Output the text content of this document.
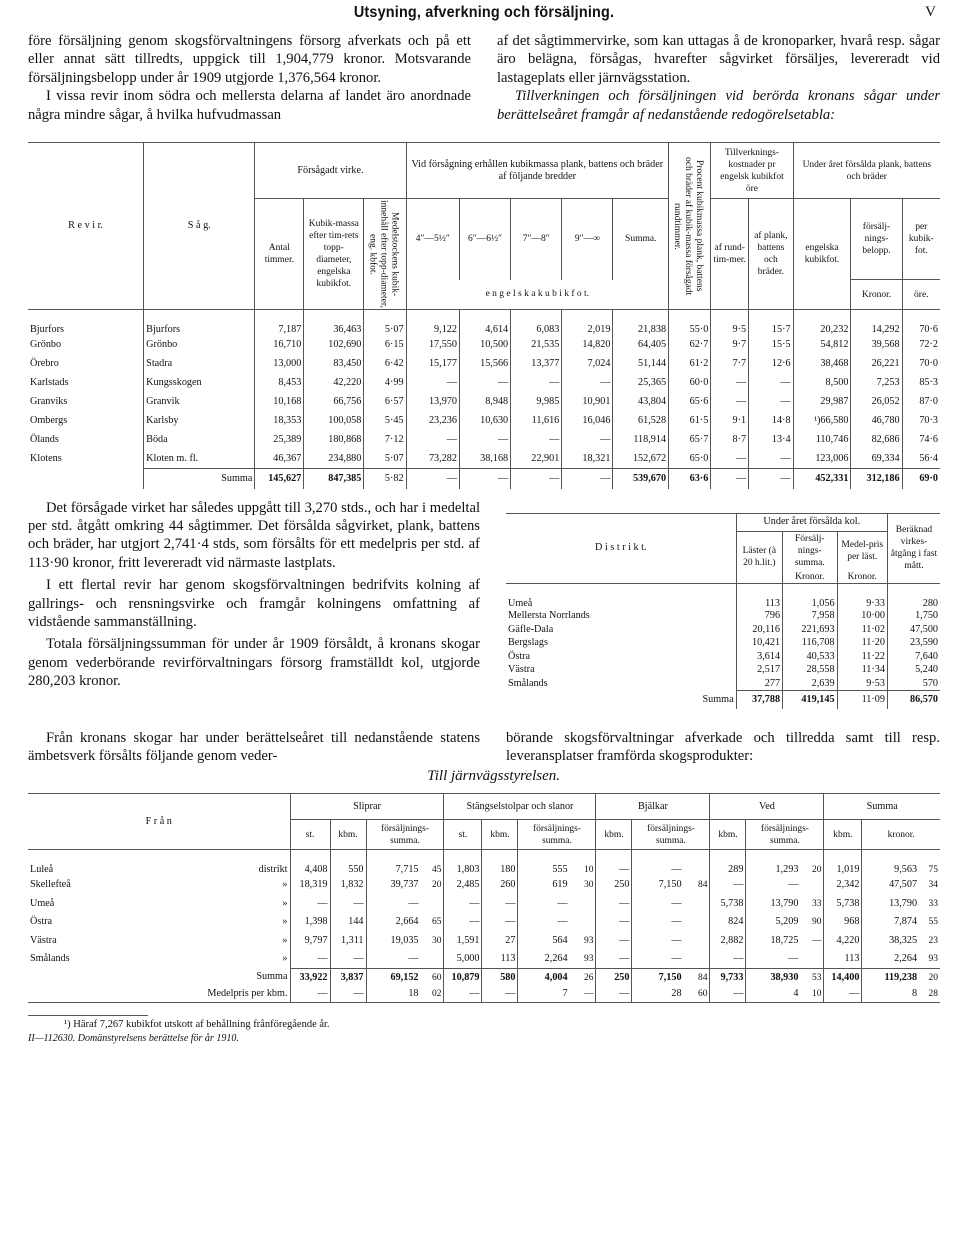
Utsyning, afverkning och försäljning.	V

före försäljning genom skogsförvaltningens försorg afverkats och på ett eller annat sätt tillredts, uppgick till 1,904,779 kronor. Motsvarande försäljningsbelopp under år 1909 utgjorde 1,376,564 kronor.

I vissa revir inom södra och mellersta delarna af landet äro anordnade några mindre sågar, å hvilka hufvudmassan

af det sågtimmervirke, som kan uttagas å de kronoparker, hvarå resp. sågar äro belägna, försågas, hvarefter sågvirket försäljes, levereradt vid lastageplats eller järnvägsstation.

Tillverkningen och försäljningen vid berörda kronans sågar under berättelseåret framgår af nedanstående redogörelsetabla:

R e v i r.	S å g.	Försågadt virke.			Vid försågning erhållen kubikmassa plank, battens och bräder af följande bredder					Procent kubikmassa plank, battens och bräder af kubik-massa försågadt rundtimmer.	Tillverknings-kostnader pr engelsk kubikfot
öre		Under året försålda plank, battens och bräder		
		Antal timmer.	Kubik-massa efter tim-rets topp-diameter, engelska kubikfot.	Medelstockens kubik-innehåll efter topp-diameter, eng. kbfot.	4″—5½″	6″—6½″	7″—8″	9″—∞	Summa.		af rund-tim-mer.	af plank, battens och bräder.	engelska kubikfot.	försälj-nings-belopp.	per kubik-fot.
					e n g e l s k a k u b i k f o t.									Kronor.	öre.
Bjurfors	Bjurfors	7,187	36,463	5·07	9,122	4,614	6,083	2,019	21,838	55·0	9·5	15·7	20,232	14,292	70·6
Grönbo	Grönbo	16,710	102,690	6·15	17,550	10,500	21,535	14,820	64,405	62·7	9·7	15·5	54,812	39,568	72·2
Örebro	Stadra	13,000	83,450	6·42	15,177	15,566	13,377	7,024	51,144	61·2	7·7	12·6	38,468	26,221	70·0
Karlstads	Kungsskogen	8,453	42,220	4·99	—	—	—	—	25,365	60·0	—	—	8,500	7,253	85·3
Granviks	Granvik	10,168	66,756	6·57	13,970	8,948	9,985	10,901	43,804	65·6	—	—	29,987	26,052	87·0
Ombergs	Karlsby	18,353	100,058	5·45	23,236	10,630	11,616	16,046	61,528	61·5	9·1	14·8	¹)66,580	46,780	70·3
Ölands	Böda	25,389	180,868	7·12	—	—	—	—	118,914	65·7	8·7	13·4	110,746	82,686	74·6
Klotens	Kloten m. fl.	46,367	234,880	5·07	73,282	38,168	22,901	18,321	152,672	65·0	—	—	123,006	69,334	56·4
	Summa	145,627	847,385	5·82	—	—	—	—	539,670	63·6	—	—	452,331	312,186	69·0

Det försågade virket har således uppgått till 3,270 stds., och har i medeltal per std. åtgått omkring 44 sågtimmer. Det försålda sågvirket, plank, battens och bräder, har utgjort 2,741·4 stds, som försålts för ett medelpris per std. af 113·90 kronor, fritt levereradt vid närmaste lastplats.

I ett flertal revir har genom skogsförvaltningen bedrifvits kolning af gallrings- och rensningsvirke och framgår kolningens omfattning af vidstående sammanställning.

Totala försäljningssumman för under år 1909 försåldt, å kronans skogar genom vederbörande revirförvaltningars försorg framställdt kol, utgjorde 280,203 kronor.

D i s t r i k t.	Under året försålda kol.			Beräknad virkes-åtgång i fast mått.
	Läster (à 20 h.lit.)	Försälj-nings-summa.	Medel-pris per läst.	
		Kronor.	Kronor.	
Umeå	113	1,056	9·33	280
Mellersta Norrlands	796	7,958	10·00	1,750
Gäfle-Dala	20,116	221,693	11·02	47,500
Bergslags	10,421	116,708	11·20	23,590
Östra	3,614	40,533	11·22	7,640
Västra	2,517	28,558	11·34	5,240
Smålands	277	2,639	9·53	570
Summa	37,788	419,145	11·09	86,570

Från kronans skogar har under berättelseåret till nedanstående statens ämbetsverk försålts följande genom veder-

börande skogsförvaltningar afverkade och tillredda samt till resp. leveransplatser framförda skogsprodukter:

Till järnvägsstyrelsen.
F r å n	Sliprar				Stängselstolpar och slanor				Bjälkar			Ved			Summa		
	st.	kbm.	försäljnings-summa.		st.	kbm.	försäljnings-summa.		kbm.	försäljnings-summa.		kbm.	försäljnings-summa.		kbm.	kronor.	
Luleå distrikt	4,408	550	7,715	45	1,803	180	555	10	—	—		289	1,293	20	1,019	9,563	75
Skellefteå »	18,319	1,832	39,737	20	2,485	260	619	30	250	7,150	84	—	—		2,342	47,507	34
Umeå »	—	—	—		—	—	—		—	—		5,738	13,790	33	5,738	13,790	33
Östra »	1,398	144	2,664	65	—	—	—		—	—		824	5,209	90	968	7,874	55
Västra »	9,797	1,311	19,035	30	1,591	27	564	93	—	—		2,882	18,725	—	4,220	38,325	23
Smålands »	—	—	—		5,000	113	2,264	93	—	—		—	—		113	2,264	93
Summa	33,922	3,837	69,152	60	10,879	580	4,004	26	250	7,150	84	9,733	38,930	53	14,400	119,238	20
Medelpris per kbm.	—	—	18	02	—	—	7	—	—	28	60	—	4	10	—	8	28
¹) Häraf 7,267 kubikfot utskott af behållning frånföregående år.
II—112630. Domänstyrelsens berättelse för år 1910.
